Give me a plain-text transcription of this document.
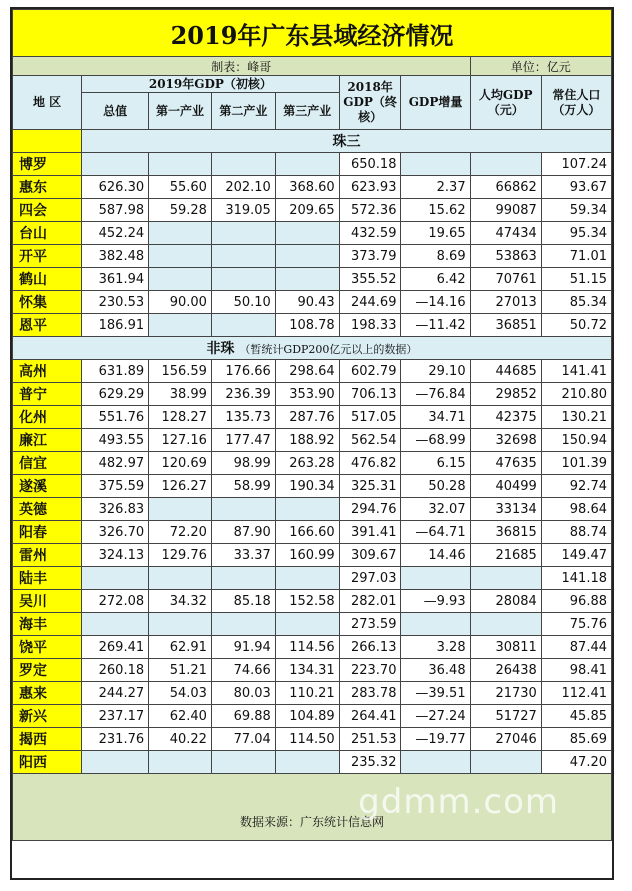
2019年广东县域经济情况								
制表：峰哥							单位：亿元	
地 区	2019年GDP（初核）				2018年GDP（终核）	GDP增量	人均GDP（元）	常住人口（万人）
	总值	第一产业	第二产业	第三产业				
	珠三							
博罗					650.18			107.24
惠东	626.30	55.60	202.10	368.60	623.93	2.37	66862	93.67
四会	587.98	59.28	319.05	209.65	572.36	15.62	99087	59.34
台山	452.24				432.59	19.65	47434	95.34
开平	382.48				373.79	8.69	53863	71.01
鹤山	361.94				355.52	6.42	70761	51.15
怀集	230.53	90.00	50.10	90.43	244.69	—14.16	27013	85.34
恩平	186.91			108.78	198.33	—11.42	36851	50.72
非珠 （暂统计GDP200亿元以上的数据）								
高州	631.89	156.59	176.66	298.64	602.79	29.10	44685	141.41
普宁	629.29	38.99	236.39	353.90	706.13	—76.84	29852	210.80
化州	551.76	128.27	135.73	287.76	517.05	34.71	42375	130.21
廉江	493.55	127.16	177.47	188.92	562.54	—68.99	32698	150.94
信宜	482.97	120.69	98.99	263.28	476.82	6.15	47635	101.39
遂溪	375.59	126.27	58.99	190.34	325.31	50.28	40499	92.74
英德	326.83				294.76	32.07	33134	98.64
阳春	326.70	72.20	87.90	166.60	391.41	—64.71	36815	88.74
雷州	324.13	129.76	33.37	160.99	309.67	14.46	21685	149.47
陆丰					297.03			141.18
吴川	272.08	34.32	85.18	152.58	282.01	—9.93	28084	96.88
海丰					273.59			75.76
饶平	269.41	62.91	91.94	114.56	266.13	3.28	30811	87.44
罗定	260.18	51.21	74.66	134.31	223.70	36.48	26438	98.41
惠来	244.27	54.03	80.03	110.21	283.78	—39.51	21730	112.41
新兴	237.17	62.40	69.88	104.89	264.41	—27.24	51727	45.85
揭西	231.76	40.22	77.04	114.50	251.53	—19.77	27046	85.69
阳西					235.32			47.20
数据来源：广东统计信息网
gdmm.com								
